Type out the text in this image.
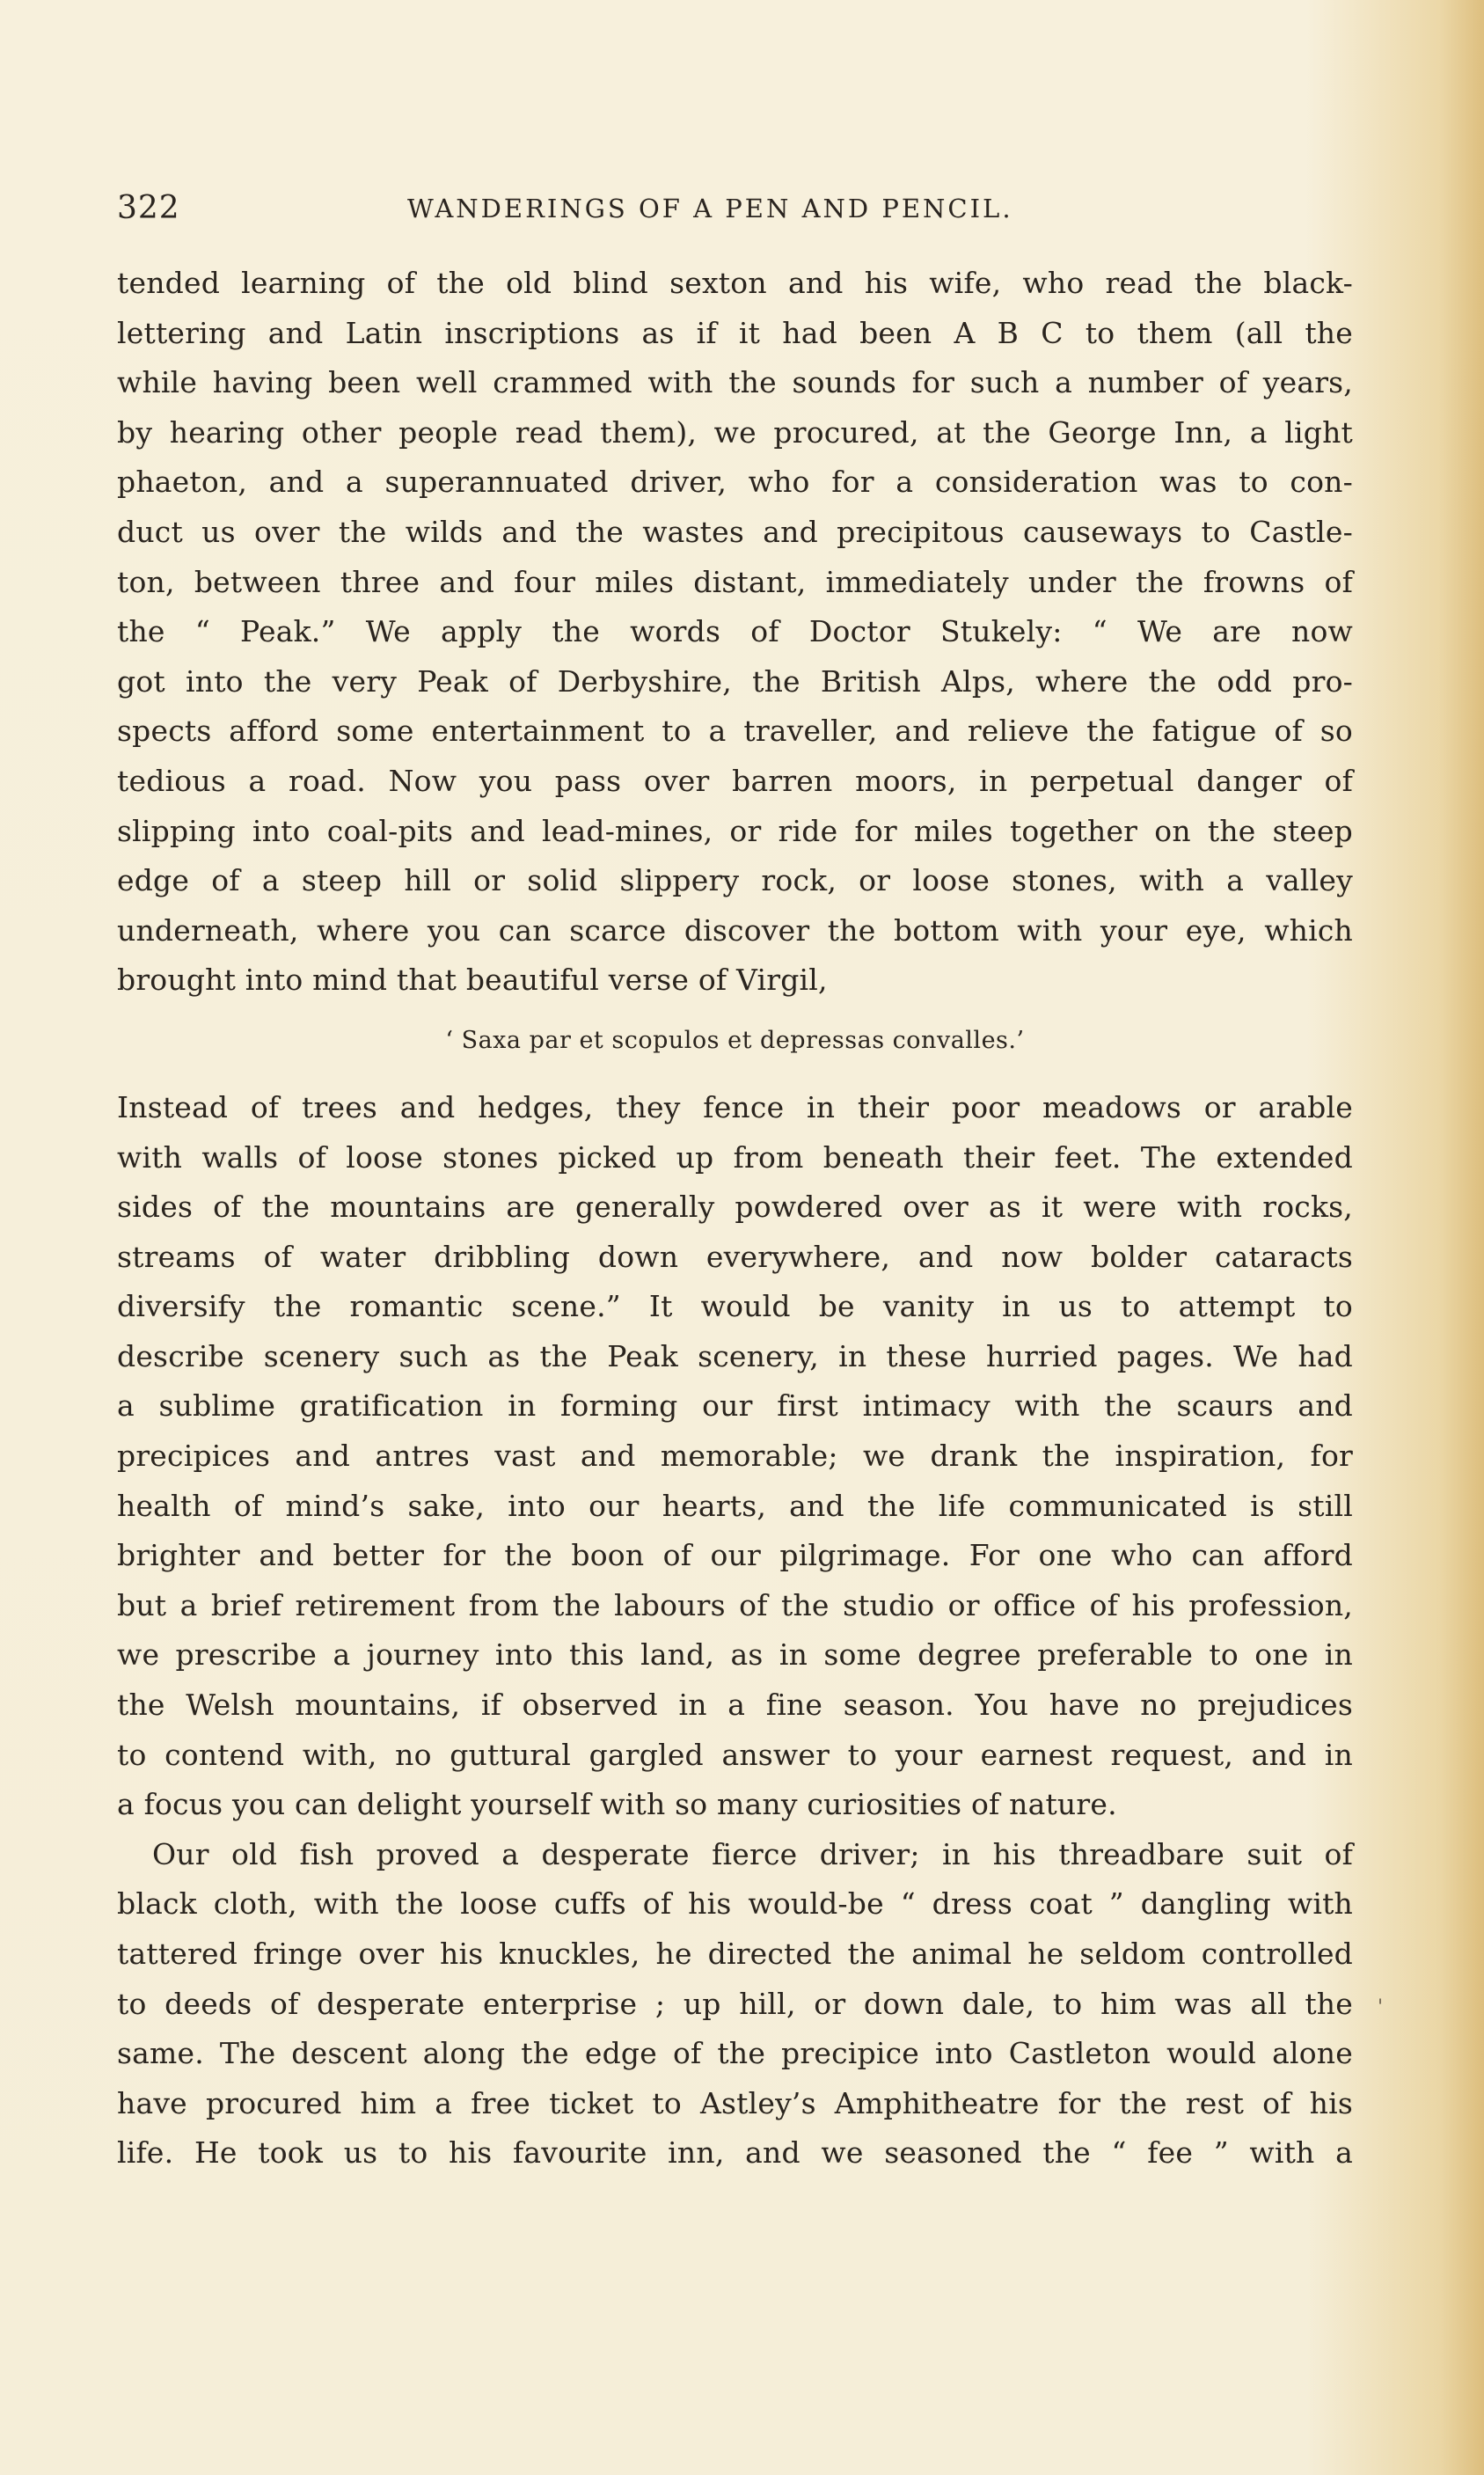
322	WANDERINGS OF A PEN AND PENCIL.
tended learning of the old blind sexton and his wife, who read the black-
lettering and Latin inscriptions as if it had been A B C to them (all the
while having been well crammed with the sounds for such a number of years,
by hearing other people read them), we procured, at the George Inn, a light
phaeton, and a superannuated driver, who for a consideration was to con-
duct us over the wilds and the wastes and precipitous causeways to Castle-
ton, between three and four miles distant, immediately under the frowns of
the “ Peak.” We apply the words of Doctor Stukely: “ We are now
got into the very Peak of Derbyshire, the British Alps, where the odd pro-
spects afford some entertainment to a traveller, and relieve the fatigue of so
tedious a road. Now you pass over barren moors, in perpetual danger of
slipping into coal-pits and lead-mines, or ride for miles together on the steep
edge of a steep hill or solid slippery rock, or loose stones, with a valley
underneath, where you can scarce discover the bottom with your eye, which
brought into mind that beautiful verse of Virgil,
‘ Saxa par et scopulos et depressas convalles.’
Instead of trees and hedges, they fence in their poor meadows or arable
with walls of loose stones picked up from beneath their feet. The extended
sides of the mountains are generally powdered over as it were with rocks,
streams of water dribbling down everywhere, and now bolder cataracts
diversify the romantic scene.” It would be vanity in us to attempt to
describe scenery such as the Peak scenery, in these hurried pages. We had
a sublime gratification in forming our first intimacy with the scaurs and
precipices and antres vast and memorable; we drank the inspiration, for
health of mind’s sake, into our hearts, and the life communicated is still
brighter and better for the boon of our pilgrimage. For one who can afford
but a brief retirement from the labours of the studio or office of his profession,
we prescribe a journey into this land, as in some degree preferable to one in
the Welsh mountains, if observed in a fine season. You have no prejudices
to contend with, no guttural gargled answer to your earnest request, and in
a focus you can delight yourself with so many curiosities of nature.
Our old fish proved a desperate fierce driver; in his threadbare suit of
black cloth, with the loose cuffs of his would-be “ dress coat ” dangling with
tattered fringe over his knuckles, he directed the animal he seldom controlled
to deeds of desperate enterprise ; up hill, or down dale, to him was all the
same. The descent along the edge of the precipice into Castleton would alone
have procured him a free ticket to Astley’s Amphitheatre for the rest of his
life. He took us to his favourite inn, and we seasoned the “ fee ” with a
'
